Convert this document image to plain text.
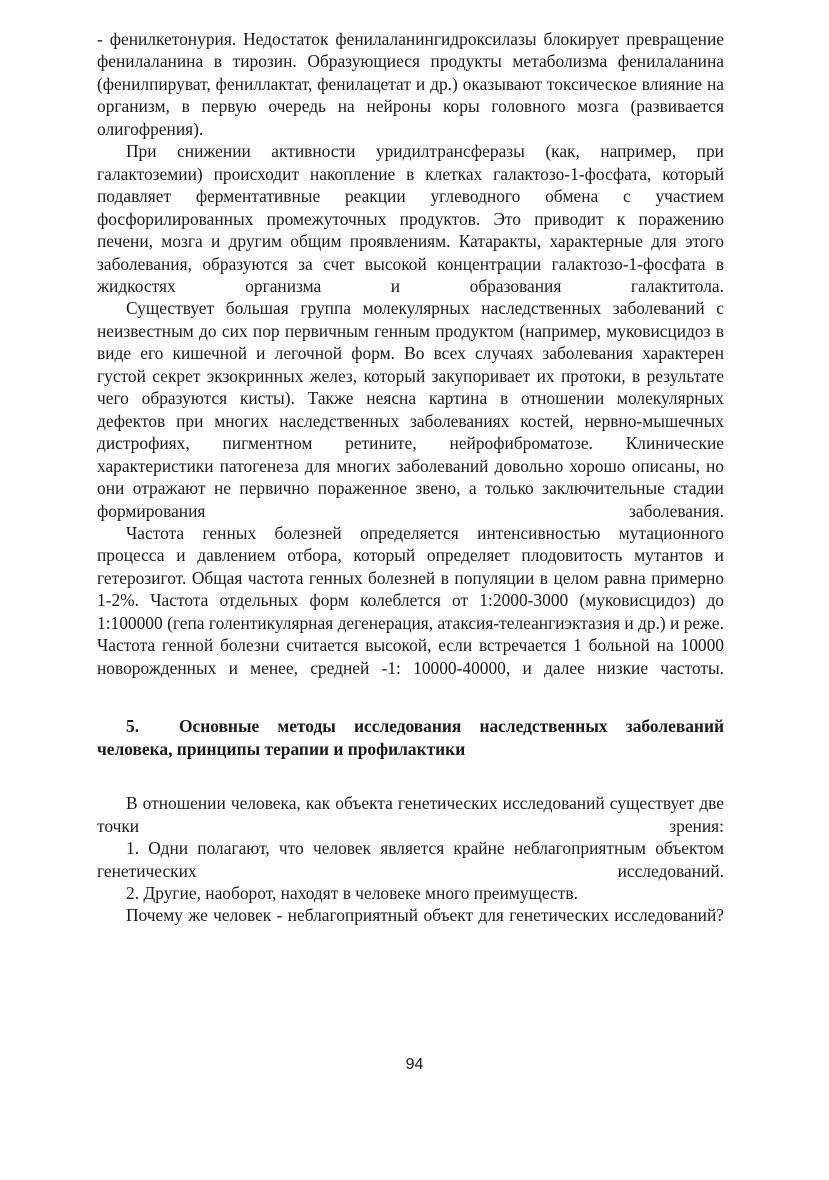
- фенилкетонурия. Недостаток фенилаланингидроксилазы блокирует превращение фенилаланина в тирозин. Образующиеся продукты метаболизма фенилаланина (фенилпируват, фениллактат, фенилацетат и др.) оказывают токсическое влияние на организм, в первую очередь на нейроны коры головного мозга (развивается олигофрения).

При снижении активности уридилтрансферазы (как, например, при галактоземии) происходит накопление в клетках галактозо-1-фосфата, который подавляет ферментативные реакции углеводного обмена с участием фосфорилированных промежуточных продуктов. Это приводит к поражению печени, мозга и другим общим проявлениям. Катаракты, характерные для этого заболевания, образуются за счет высокой концентрации галактозо-1-фосфата в жидкостях организма и образования галактитола.

Существует большая группа молекулярных наследственных заболеваний с неизвестным до сих пор первичным генным продуктом (например, муковисцидоз в виде его кишечной и легочной форм. Во всех случаях заболевания характерен густой секрет экзокринных желез, который закупоривает их протоки, в результате чего образуются кисты). Также неясна картина в отношении молекулярных дефектов при многих наследственных заболеваниях костей, нервно-мышечных дистрофиях, пигментном ретините, нейрофиброматозе. Клинические характеристики патогенеза для многих заболеваний довольно хорошо описаны, но они отражают не первично пораженное звено, а только заключительные стадии формирования заболевания.

Частота генных болезней определяется интенсивностью мутационного процесса и давлением отбора, который определяет плодовитость мутантов и гетерозигот. Общая частота генных болезней в популяции в целом равна примерно 1-2%. Частота отдельных форм колеблется от 1:2000-3000 (муковисцидоз) до 1:100000 (гепа голентикулярная дегенерация, атаксия-телеангиэктазия и др.) и реже. Частота генной болезни считается высокой, если встречается 1 больной на 10000 новорожденных и менее, средней -1: 10000-40000, и далее низкие частоты.

5. Основные методы исследования наследственных заболеваний человека, принципы терапии и профилактики

В отношении человека, как объекта генетических исследований существует две точки зрения:

1. Одни полагают, что человек является крайне неблагоприятным объектом генетических исследований.

2. Другие, наоборот, находят в человеке много преимуществ.

Почему же человек - неблагоприятный объект для генетических исследований?

94
